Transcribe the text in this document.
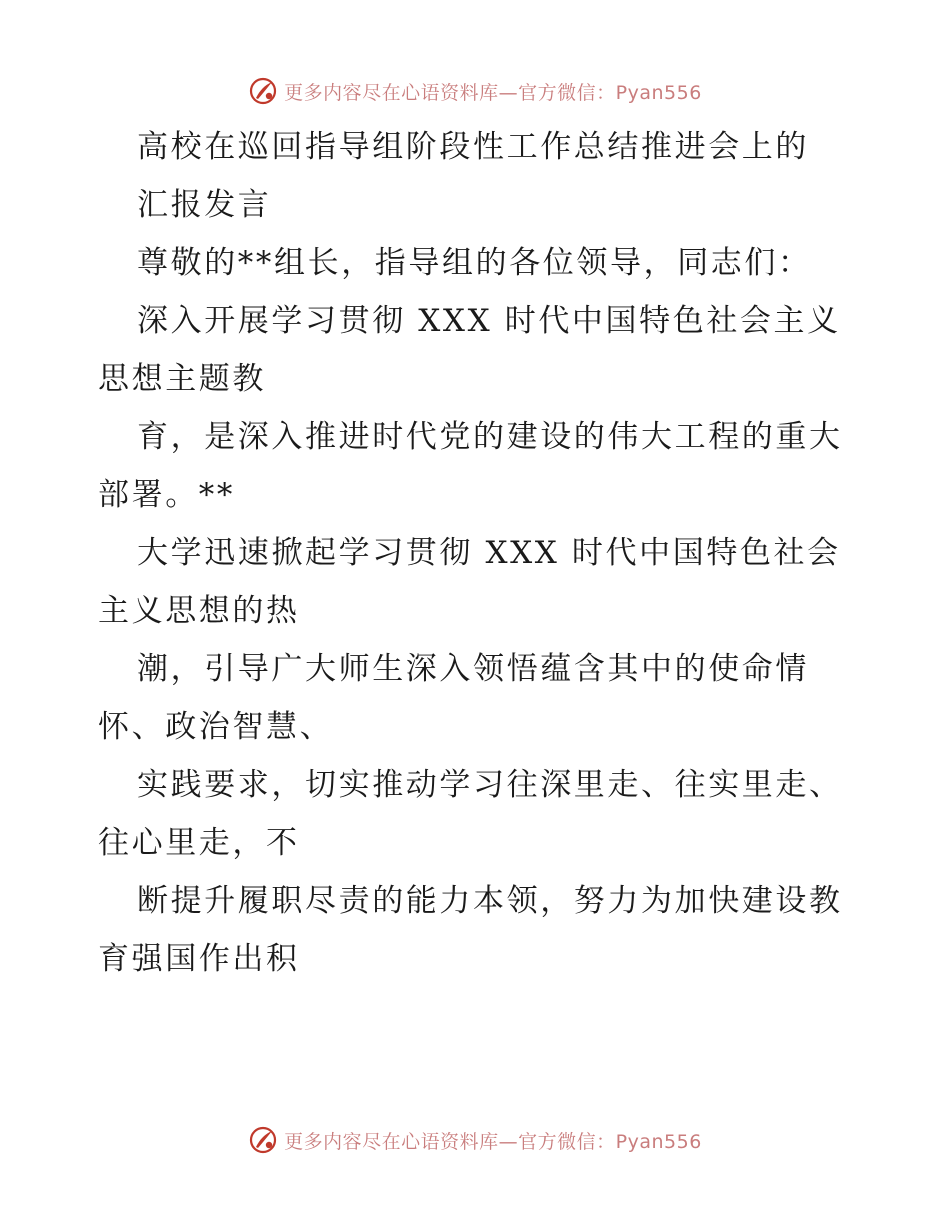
更多内容尽在心语资料库—官方微信：Pyan556
高校在巡回指导组阶段性工作总结推进会上的
汇报发言
尊敬的**组长，指导组的各位领导，同志们：
深入开展学习贯彻 XXX 时代中国特色社会主义
思想主题教
育，是深入推进时代党的建设的伟大工程的重大
部署。**
大学迅速掀起学习贯彻 XXX 时代中国特色社会
主义思想的热
潮，引导广大师生深入领悟蕴含其中的使命情
怀、政治智慧、
实践要求，切实推动学习往深里走、往实里走、
往心里走，不
断提升履职尽责的能力本领，努力为加快建设教
育强国作出积
更多内容尽在心语资料库—官方微信：Pyan556
